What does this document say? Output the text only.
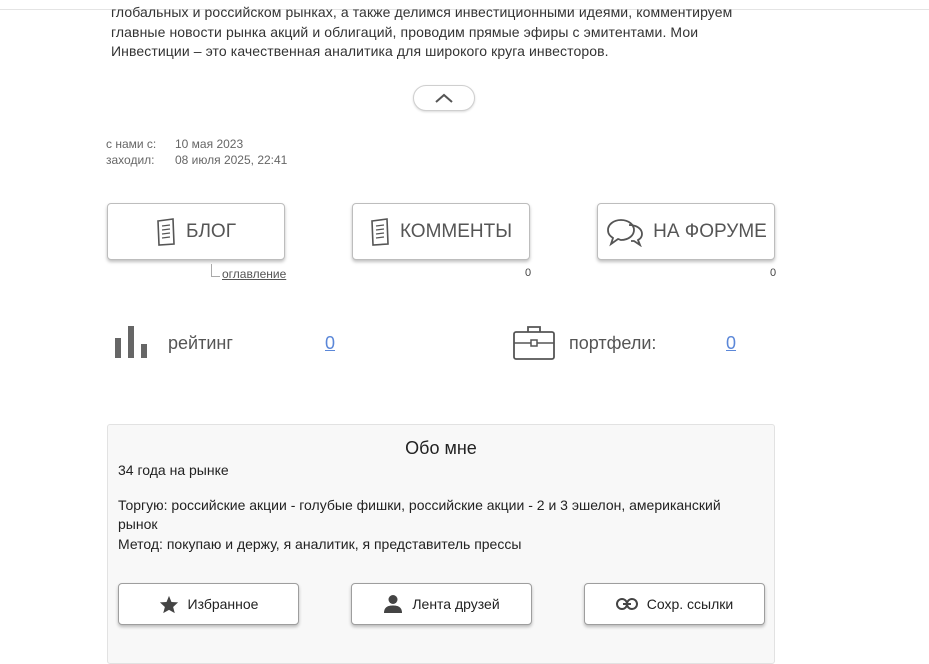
глобальных и российском рынках, а также делимся инвестиционными идеями, комментируем
главные новости рынка акций и облигаций, проводим прямые эфиры с эмитентами. Мои
Инвестиции – это качественная аналитика для широкого круга инвесторов.
с нами с: 10 мая 2023
заходил: 08 июля 2025, 22:41
БЛОГ
оглавление
КОММЕНТЫ
0
НА ФОРУМЕ
0
рейтинг	0	портфели:	0
Обо мне
34 года на рынке
Торгую: российские акции - голубые фишки, российские акции - 2 и 3 эшелон, американский
рынок
Метод: покупаю и держу, я аналитик, я представитель прессы
Избранное	Лента друзей	Сохр. ссылки
